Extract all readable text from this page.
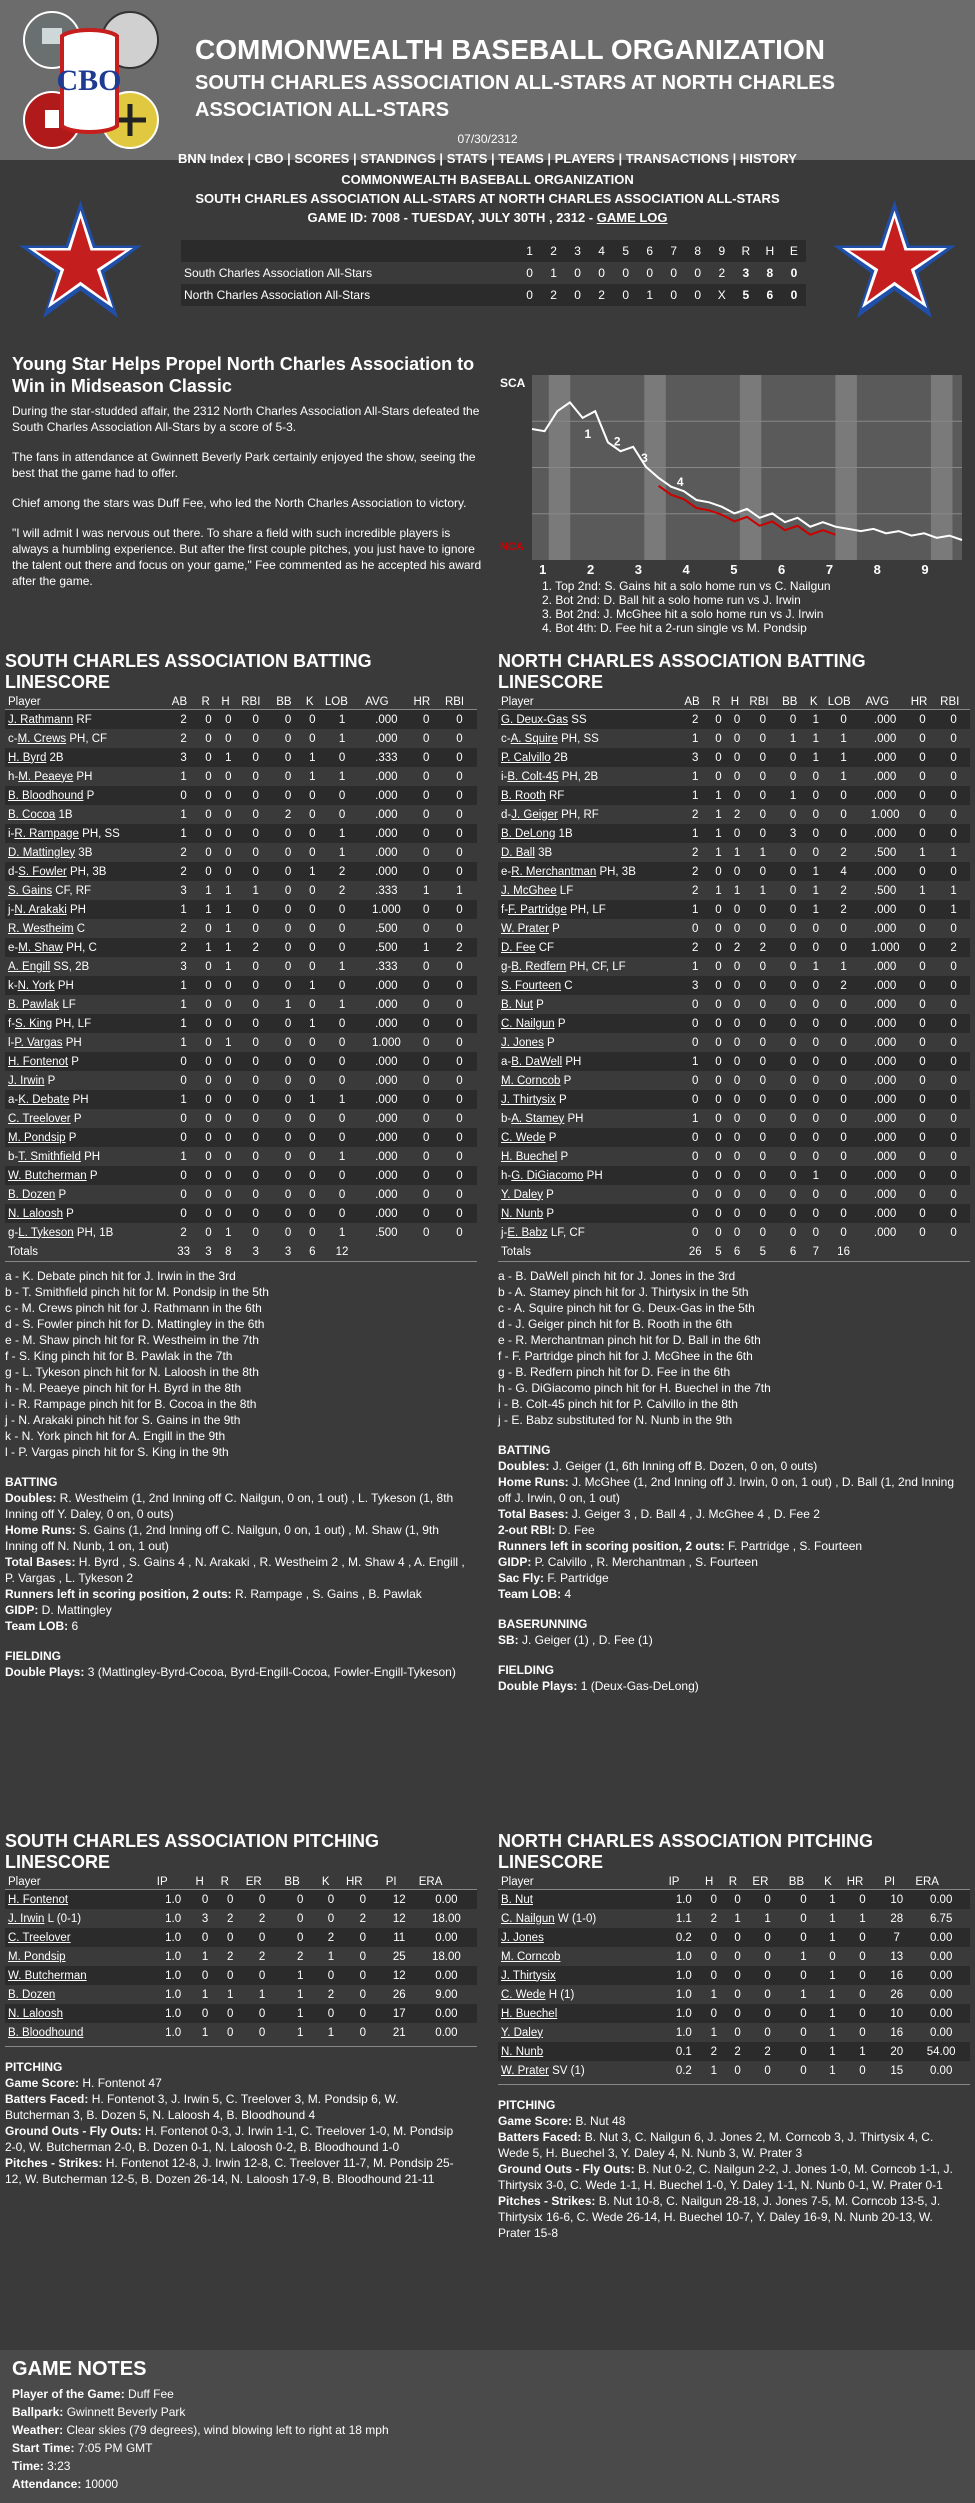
CBO
COMMONWEALTH BASEBALL ORGANIZATION
SOUTH CHARLES ASSOCIATION ALL-STARS AT NORTH CHARLES ASSOCIATION ALL-STARS
07/30/2312
BNN Index | CBO | SCORES | STANDINGS | STATS | TEAMS | PLAYERS | TRANSACTIONS | HISTORY
COMMONWEALTH BASEBALL ORGANIZATION
SOUTH CHARLES ASSOCIATION ALL-STARS AT NORTH CHARLES ASSOCIATION ALL-STARS
GAME ID: 7008 - TUESDAY, JULY 30TH , 2312 - GAME LOG
	1	2	3	4	5	6	7	8	9	R	H	E
South Charles Association All-Stars	0	1	0	0	0	0	0	0	2	3	8	0
North Charles Association All-Stars	0	2	0	2	0	1	0	0	X	5	6	0
Young Star Helps Propel North Charles Association to Win in Midseason Classic

During the star-studded affair, the 2312 North Charles Association All-Stars defeated the South Charles Association All-Stars by a score of 5-3.

The fans in attendance at Gwinnett Beverly Park certainly enjoyed the show, seeing the best that the game had to offer.

Chief among the stars was Duff Fee, who led the North Charles Association to victory.

"I will admit I was nervous out there. To share a field with such incredible players is always a humbling experience. But after the first couple pitches, you just have to ignore the talent out there and focus on your game," Fee commented as he accepted his award after the game.

SCA
NCA
1	2	3	4	5	6	7	8	9
1
2
3
4
1. Top 2nd: S. Gains hit a solo home run vs C. Nailgun
2. Bot 2nd: D. Ball hit a solo home run vs J. Irwin
3. Bot 2nd: J. McGhee hit a solo home run vs J. Irwin
4. Bot 4th: D. Fee hit a 2-run single vs M. Pondsip
SOUTH CHARLES ASSOCIATION BATTING LINESCORE
Player	AB	R	H	RBI	BB	K	LOB	AVG	HR	RBI
J. Rathmann RF	2	0	0	0	0	0	1	.000	0	0
c-M. Crews PH, CF	2	0	0	0	0	0	1	.000	0	0
H. Byrd 2B	3	0	1	0	0	1	0	.333	0	0
h-M. Peaeye PH	1	0	0	0	0	1	1	.000	0	0
B. Bloodhound P	0	0	0	0	0	0	0	.000	0	0
B. Cocoa 1B	1	0	0	0	2	0	0	.000	0	0
i-R. Rampage PH, SS	1	0	0	0	0	0	1	.000	0	0
D. Mattingley 3B	2	0	0	0	0	0	1	.000	0	0
d-S. Fowler PH, 3B	2	0	0	0	0	1	2	.000	0	0
S. Gains CF, RF	3	1	1	1	0	0	2	.333	1	1
j-N. Arakaki PH	1	1	1	0	0	0	0	1.000	0	0
R. Westheim C	2	0	1	0	0	0	0	.500	0	0
e-M. Shaw PH, C	2	1	1	2	0	0	0	.500	1	2
A. Engill SS, 2B	3	0	1	0	0	0	1	.333	0	0
k-N. York PH	1	0	0	0	0	1	0	.000	0	0
B. Pawlak LF	1	0	0	0	1	0	1	.000	0	0
f-S. King PH, LF	1	0	0	0	0	1	0	.000	0	0
l-P. Vargas PH	1	0	1	0	0	0	0	1.000	0	0
H. Fontenot P	0	0	0	0	0	0	0	.000	0	0
J. Irwin P	0	0	0	0	0	0	0	.000	0	0
a-K. Debate PH	1	0	0	0	0	1	1	.000	0	0
C. Treelover P	0	0	0	0	0	0	0	.000	0	0
M. Pondsip P	0	0	0	0	0	0	0	.000	0	0
b-T. Smithfield PH	1	0	0	0	0	0	1	.000	0	0
W. Butcherman P	0	0	0	0	0	0	0	.000	0	0
B. Dozen P	0	0	0	0	0	0	0	.000	0	0
N. Laloosh P	0	0	0	0	0	0	0	.000	0	0
g-L. Tykeson PH, 1B	2	0	1	0	0	0	1	.500	0	0
Totals	33	3	8	3	3	6	12			
a - K. Debate pinch hit for J. Irwin in the 3rd
b - T. Smithfield pinch hit for M. Pondsip in the 5th
c - M. Crews pinch hit for J. Rathmann in the 6th
d - S. Fowler pinch hit for D. Mattingley in the 6th
e - M. Shaw pinch hit for R. Westheim in the 7th
f - S. King pinch hit for B. Pawlak in the 7th
g - L. Tykeson pinch hit for N. Laloosh in the 8th
h - M. Peaeye pinch hit for H. Byrd in the 8th
i - R. Rampage pinch hit for B. Cocoa in the 8th
j - N. Arakaki pinch hit for S. Gains in the 9th
k - N. York pinch hit for A. Engill in the 9th
l - P. Vargas pinch hit for S. King in the 9th
BATTING
Doubles: R. Westheim (1, 2nd Inning off C. Nailgun, 0 on, 1 out) , L. Tykeson (1, 8th Inning off Y. Daley, 0 on, 0 outs)
Home Runs: S. Gains (1, 2nd Inning off C. Nailgun, 0 on, 1 out) , M. Shaw (1, 9th Inning off N. Nunb, 1 on, 1 out)
Total Bases: H. Byrd , S. Gains 4 , N. Arakaki , R. Westheim 2 , M. Shaw 4 , A. Engill , P. Vargas , L. Tykeson 2
Runners left in scoring position, 2 outs: R. Rampage , S. Gains , B. Pawlak
GIDP: D. Mattingley
Team LOB: 6
FIELDING
Double Plays: 3 (Mattingley-Byrd-Cocoa, Byrd-Engill-Cocoa, Fowler-Engill-Tykeson)
NORTH CHARLES ASSOCIATION BATTING LINESCORE
Player	AB	R	H	RBI	BB	K	LOB	AVG	HR	RBI
G. Deux-Gas SS	2	0	0	0	0	1	0	.000	0	0
c-A. Squire PH, SS	1	0	0	0	1	1	1	.000	0	0
P. Calvillo 2B	3	0	0	0	0	1	1	.000	0	0
i-B. Colt-45 PH, 2B	1	0	0	0	0	0	1	.000	0	0
B. Rooth RF	1	1	0	0	1	0	0	.000	0	0
d-J. Geiger PH, RF	2	1	2	0	0	0	0	1.000	0	0
B. DeLong 1B	1	1	0	0	3	0	0	.000	0	0
D. Ball 3B	2	1	1	1	0	0	2	.500	1	1
e-R. Merchantman PH, 3B	2	0	0	0	0	1	4	.000	0	0
J. McGhee LF	2	1	1	1	0	1	2	.500	1	1
f-F. Partridge PH, LF	1	0	0	0	0	1	2	.000	0	1
W. Prater P	0	0	0	0	0	0	0	.000	0	0
D. Fee CF	2	0	2	2	0	0	0	1.000	0	2
g-B. Redfern PH, CF, LF	1	0	0	0	0	1	1	.000	0	0
S. Fourteen C	3	0	0	0	0	0	2	.000	0	0
B. Nut P	0	0	0	0	0	0	0	.000	0	0
C. Nailgun P	0	0	0	0	0	0	0	.000	0	0
J. Jones P	0	0	0	0	0	0	0	.000	0	0
a-B. DaWell PH	1	0	0	0	0	0	0	.000	0	0
M. Corncob P	0	0	0	0	0	0	0	.000	0	0
J. Thirtysix P	0	0	0	0	0	0	0	.000	0	0
b-A. Stamey PH	1	0	0	0	0	0	0	.000	0	0
C. Wede P	0	0	0	0	0	0	0	.000	0	0
H. Buechel P	0	0	0	0	0	0	0	.000	0	0
h-G. DiGiacomo PH	0	0	0	0	0	1	0	.000	0	0
Y. Daley P	0	0	0	0	0	0	0	.000	0	0
N. Nunb P	0	0	0	0	0	0	0	.000	0	0
j-E. Babz LF, CF	0	0	0	0	0	0	0	.000	0	0
Totals	26	5	6	5	6	7	16			
a - B. DaWell pinch hit for J. Jones in the 3rd
b - A. Stamey pinch hit for J. Thirtysix in the 5th
c - A. Squire pinch hit for G. Deux-Gas in the 5th
d - J. Geiger pinch hit for B. Rooth in the 6th
e - R. Merchantman pinch hit for D. Ball in the 6th
f - F. Partridge pinch hit for J. McGhee in the 6th
g - B. Redfern pinch hit for D. Fee in the 6th
h - G. DiGiacomo pinch hit for H. Buechel in the 7th
i - B. Colt-45 pinch hit for P. Calvillo in the 8th
j - E. Babz substituted for N. Nunb in the 9th
BATTING
Doubles: J. Geiger (1, 6th Inning off B. Dozen, 0 on, 0 outs)
Home Runs: J. McGhee (1, 2nd Inning off J. Irwin, 0 on, 1 out) , D. Ball (1, 2nd Inning off J. Irwin, 0 on, 1 out)
Total Bases: J. Geiger 3 , D. Ball 4 , J. McGhee 4 , D. Fee 2
2-out RBI: D. Fee
Runners left in scoring position, 2 outs: F. Partridge , S. Fourteen
GIDP: P. Calvillo , R. Merchantman , S. Fourteen
Sac Fly: F. Partridge
Team LOB: 4
BASERUNNING
SB: J. Geiger (1) , D. Fee (1)
FIELDING
Double Plays: 1 (Deux-Gas-DeLong)
SOUTH CHARLES ASSOCIATION PITCHING LINESCORE
Player	IP	H	R	ER	BB	K	HR	PI	ERA
H. Fontenot	1.0	0	0	0	0	0	0	12	0.00
J. Irwin L (0-1)	1.0	3	2	2	0	0	2	12	18.00
C. Treelover	1.0	0	0	0	0	2	0	11	0.00
M. Pondsip	1.0	1	2	2	2	1	0	25	18.00
W. Butcherman	1.0	0	0	0	1	0	0	12	0.00
B. Dozen	1.0	1	1	1	1	2	0	26	9.00
N. Laloosh	1.0	0	0	0	1	0	0	17	0.00
B. Bloodhound	1.0	1	0	0	1	1	0	21	0.00
PITCHING
Game Score: H. Fontenot 47
Batters Faced: H. Fontenot 3, J. Irwin 5, C. Treelover 3, M. Pondsip 6, W. Butcherman 3, B. Dozen 5, N. Laloosh 4, B. Bloodhound 4
Ground Outs - Fly Outs: H. Fontenot 0-3, J. Irwin 1-1, C. Treelover 1-0, M. Pondsip 2-0, W. Butcherman 2-0, B. Dozen 0-1, N. Laloosh 0-2, B. Bloodhound 1-0
Pitches - Strikes: H. Fontenot 12-8, J. Irwin 12-8, C. Treelover 11-7, M. Pondsip 25-12, W. Butcherman 12-5, B. Dozen 26-14, N. Laloosh 17-9, B. Bloodhound 21-11
NORTH CHARLES ASSOCIATION PITCHING LINESCORE
Player	IP	H	R	ER	BB	K	HR	PI	ERA
B. Nut	1.0	0	0	0	0	1	0	10	0.00
C. Nailgun W (1-0)	1.1	2	1	1	0	1	1	28	6.75
J. Jones	0.2	0	0	0	0	1	0	7	0.00
M. Corncob	1.0	0	0	0	1	0	0	13	0.00
J. Thirtysix	1.0	0	0	0	0	1	0	16	0.00
C. Wede H (1)	1.0	1	0	0	1	1	0	26	0.00
H. Buechel	1.0	0	0	0	0	1	0	10	0.00
Y. Daley	1.0	1	0	0	0	1	0	16	0.00
N. Nunb	0.1	2	2	2	0	1	1	20	54.00
W. Prater SV (1)	0.2	1	0	0	0	1	0	15	0.00
PITCHING
Game Score: B. Nut 48
Batters Faced: B. Nut 3, C. Nailgun 6, J. Jones 2, M. Corncob 3, J. Thirtysix 4, C. Wede 5, H. Buechel 3, Y. Daley 4, N. Nunb 3, W. Prater 3
Ground Outs - Fly Outs: B. Nut 0-2, C. Nailgun 2-2, J. Jones 1-0, M. Corncob 1-1, J. Thirtysix 3-0, C. Wede 1-1, H. Buechel 1-0, Y. Daley 1-1, N. Nunb 0-1, W. Prater 0-1
Pitches - Strikes: B. Nut 10-8, C. Nailgun 28-18, J. Jones 7-5, M. Corncob 13-5, J. Thirtysix 16-6, C. Wede 26-14, H. Buechel 10-7, Y. Daley 16-9, N. Nunb 20-13, W. Prater 15-8
GAME NOTES
Player of the Game: Duff Fee
Ballpark: Gwinnett Beverly Park
Weather: Clear skies (79 degrees), wind blowing left to right at 18 mph
Start Time: 7:05 PM GMT
Time: 3:23
Attendance: 10000
